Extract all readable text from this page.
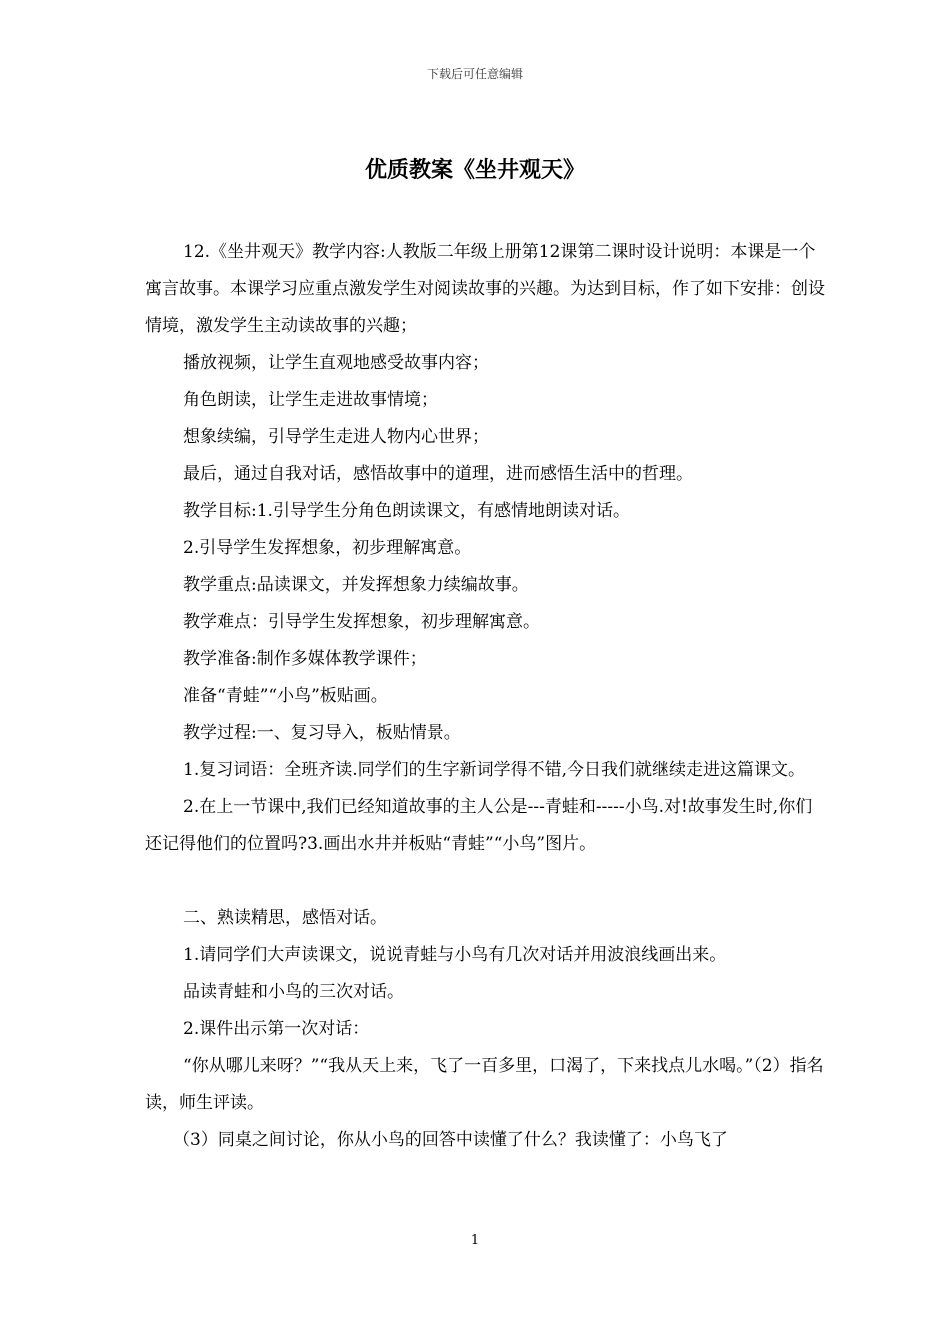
下载后可任意编辑
优质教案《坐井观天》

12.《坐井观天》教学内容:人教版二年级上册第12课第二课时设计说明：本课是一个寓言故事。本课学习应重点激发学生对阅读故事的兴趣。为达到目标，作了如下安排：创设情境，激发学生主动读故事的兴趣；

播放视频，让学生直观地感受故事内容；

角色朗读，让学生走进故事情境；

想象续编，引导学生走进人物内心世界；

最后，通过自我对话，感悟故事中的道理，进而感悟生活中的哲理。

教学目标:1.引导学生分角色朗读课文，有感情地朗读对话。

2.引导学生发挥想象，初步理解寓意。

教学重点:品读课文，并发挥想象力续编故事。

教学难点：引导学生发挥想象，初步理解寓意。

教学准备:制作多媒体教学课件；

准备“青蛙”“小鸟”板贴画。

教学过程:一、复习导入，板贴情景。

1.复习词语：全班齐读.同学们的生字新词学得不错,今日我们就继续走进这篇课文。

2.在上一节课中,我们已经知道故事的主人公是---青蛙和-----小鸟.对!故事发生时,你们还记得他们的位置吗?3.画出水井并板贴“青蛙”“小鸟”图片。

二、熟读精思，感悟对话。

1.请同学们大声读课文，说说青蛙与小鸟有几次对话并用波浪线画出来。

品读青蛙和小鸟的三次对话。

2.课件出示第一次对话：

“你从哪儿来呀？”“我从天上来，飞了一百多里，口渴了，下来找点儿水喝。”（2）指名读，师生评读。

（3）同桌之间讨论，你从小鸟的回答中读懂了什么？我读懂了：小鸟飞了

1
